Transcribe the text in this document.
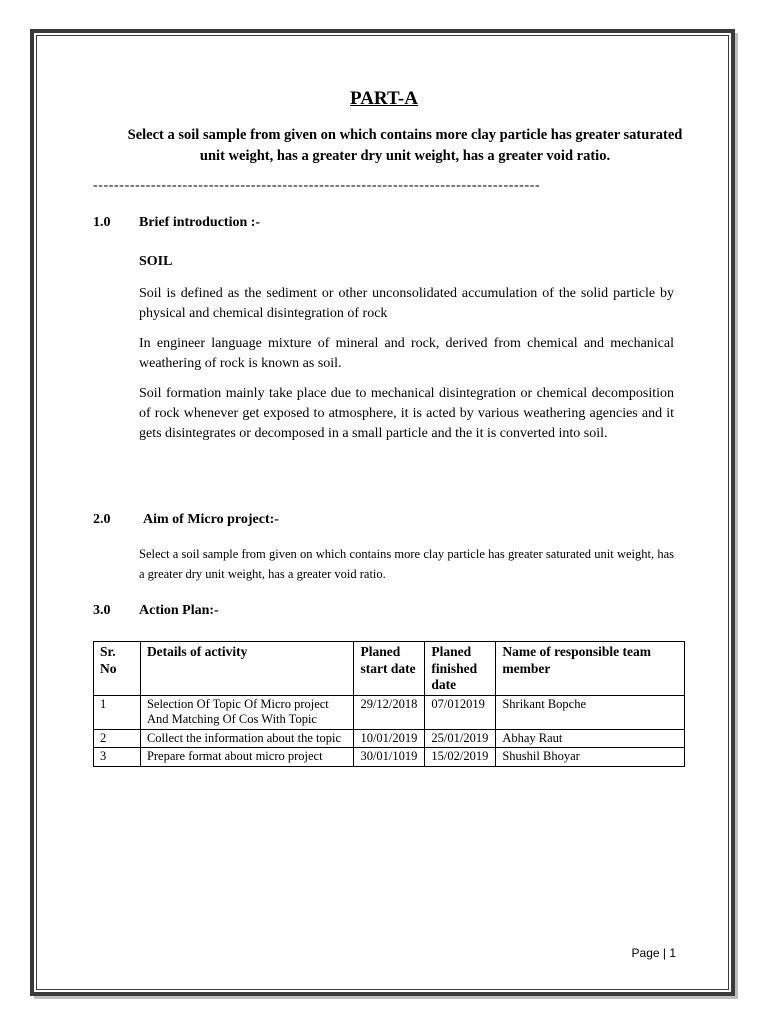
PART-A
Select a soil sample from given on which contains more clay particle has greater saturated unit weight, has a greater dry unit weight, has a greater void ratio.
-------------------------------------------------------------------------------------
1.0 Brief introduction :-
SOIL
Soil is defined as the sediment or other unconsolidated accumulation of the solid particle by physical and chemical disintegration of rock
In engineer language mixture of mineral and rock, derived from chemical and mechanical weathering of rock is known as soil.
Soil formation mainly take place due to mechanical disintegration or chemical decomposition of rock whenever get exposed to atmosphere, it is acted by various weathering agencies and it gets disintegrates or decomposed in a small particle and the it is converted into soil.
2.0 Aim of Micro project:-
Select a soil sample from given on which contains more clay particle has greater saturated unit weight, has a greater dry unit weight, has a greater void ratio.
3.0 Action Plan:-
Sr. No	Details of activity	Planed start date	Planed finished date	Name of responsible team member
1	Selection Of Topic Of Micro project And Matching Of Cos With Topic	29/12/2018	07/012019	Shrikant Bopche
2	Collect the information about the topic	10/01/2019	25/01/2019	Abhay Raut
3	Prepare format about micro project	30/01/1019	15/02/2019	Shushil Bhoyar
Page | 1
